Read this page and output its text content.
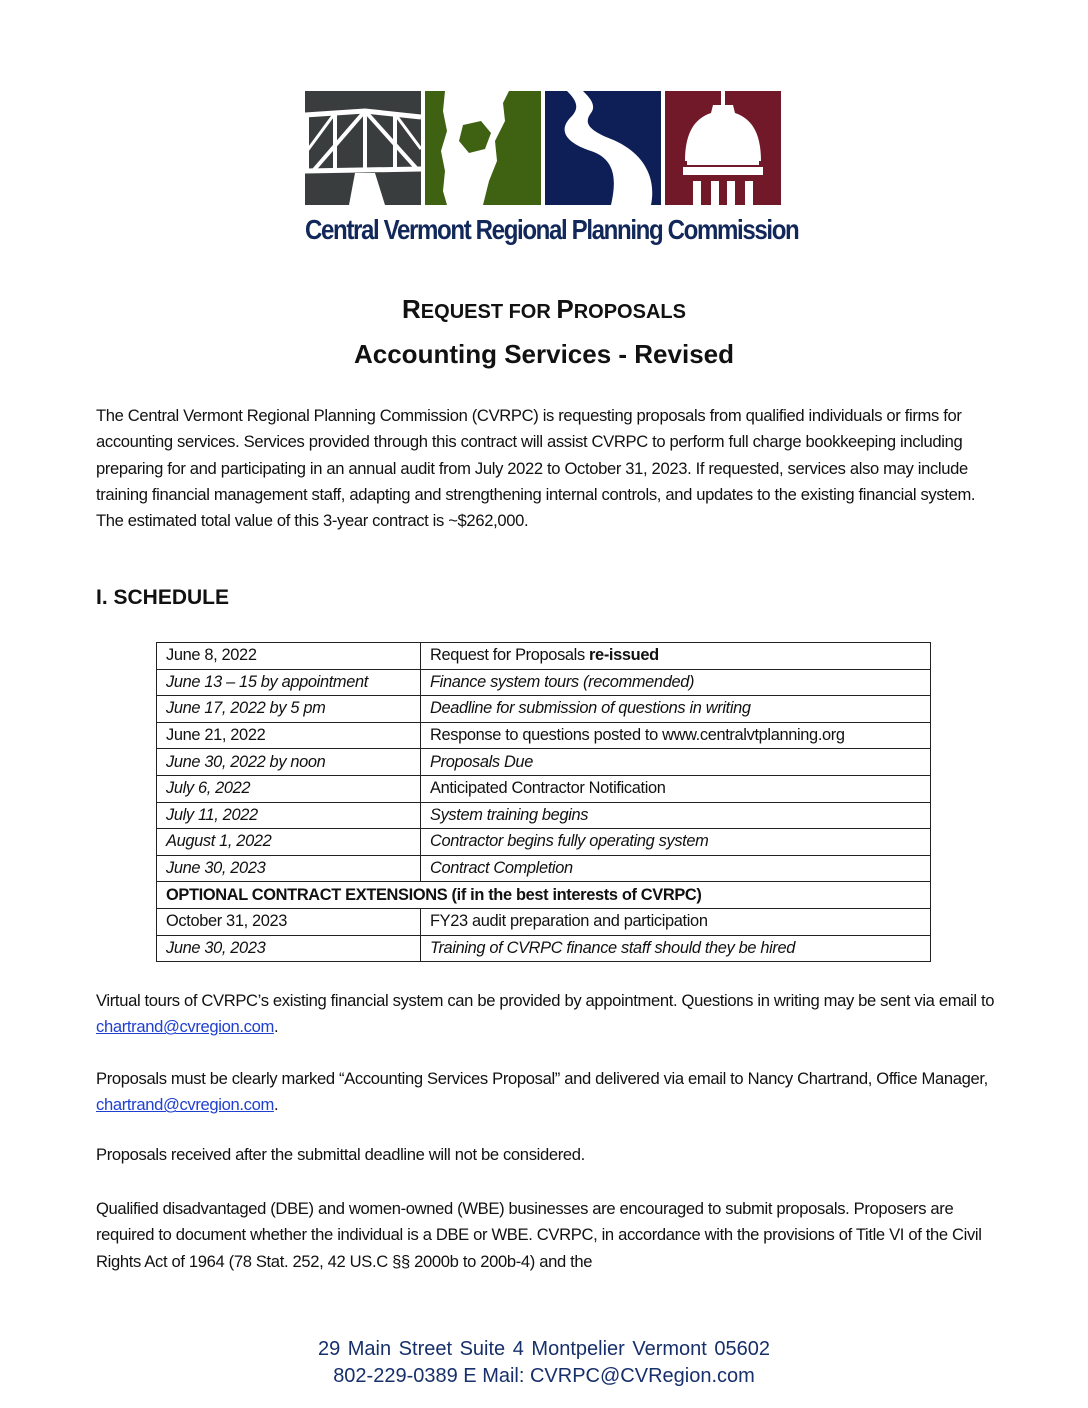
Central Vermont Regional Planning Commission
REQUEST FOR PROPOSALS
Accounting Services - Revised
The Central Vermont Regional Planning Commission (CVRPC) is requesting proposals from qualified individuals or firms for accounting services. Services provided through this contract will assist CVRPC to perform full charge bookkeeping including preparing for and participating in an annual audit from July 2022 to October 31, 2023. If requested, services also may include training financial management staff, adapting and strengthening internal controls, and updates to the existing financial system. The estimated total value of this 3-year contract is ~$262,000.
I. SCHEDULE
June 8, 2022	Request for Proposals re-issued
June 13 – 15 by appointment	Finance system tours (recommended)
June 17, 2022 by 5 pm	Deadline for submission of questions in writing
June 21, 2022	Response to questions posted to www.centralvtplanning.org
June 30, 2022 by noon	Proposals Due
July 6, 2022	Anticipated Contractor Notification
July 11, 2022	System training begins
August 1, 2022	Contractor begins fully operating system
June 30, 2023	Contract Completion
OPTIONAL CONTRACT EXTENSIONS (if in the best interests of CVRPC)	
October 31, 2023	FY23 audit preparation and participation
June 30, 2023	Training of CVRPC finance staff should they be hired
Virtual tours of CVRPC’s existing financial system can be provided by appointment. Questions in writing may be sent via email to chartrand@cvregion.com.
Proposals must be clearly marked “Accounting Services Proposal” and delivered via email to Nancy Chartrand, Office Manager, chartrand@cvregion.com.
Proposals received after the submittal deadline will not be considered.
Qualified disadvantaged (DBE) and women-owned (WBE) businesses are encouraged to submit proposals. Proposers are required to document whether the individual is a DBE or WBE. CVRPC, in accordance with the provisions of Title VI of the Civil Rights Act of 1964 (78 Stat. 252, 42 US.C §§ 2000b to 200b-4) and the
29 Main Street Suite 4 Montpelier Vermont 05602
802-229-0389 E Mail: CVRPC@CVRegion.com
